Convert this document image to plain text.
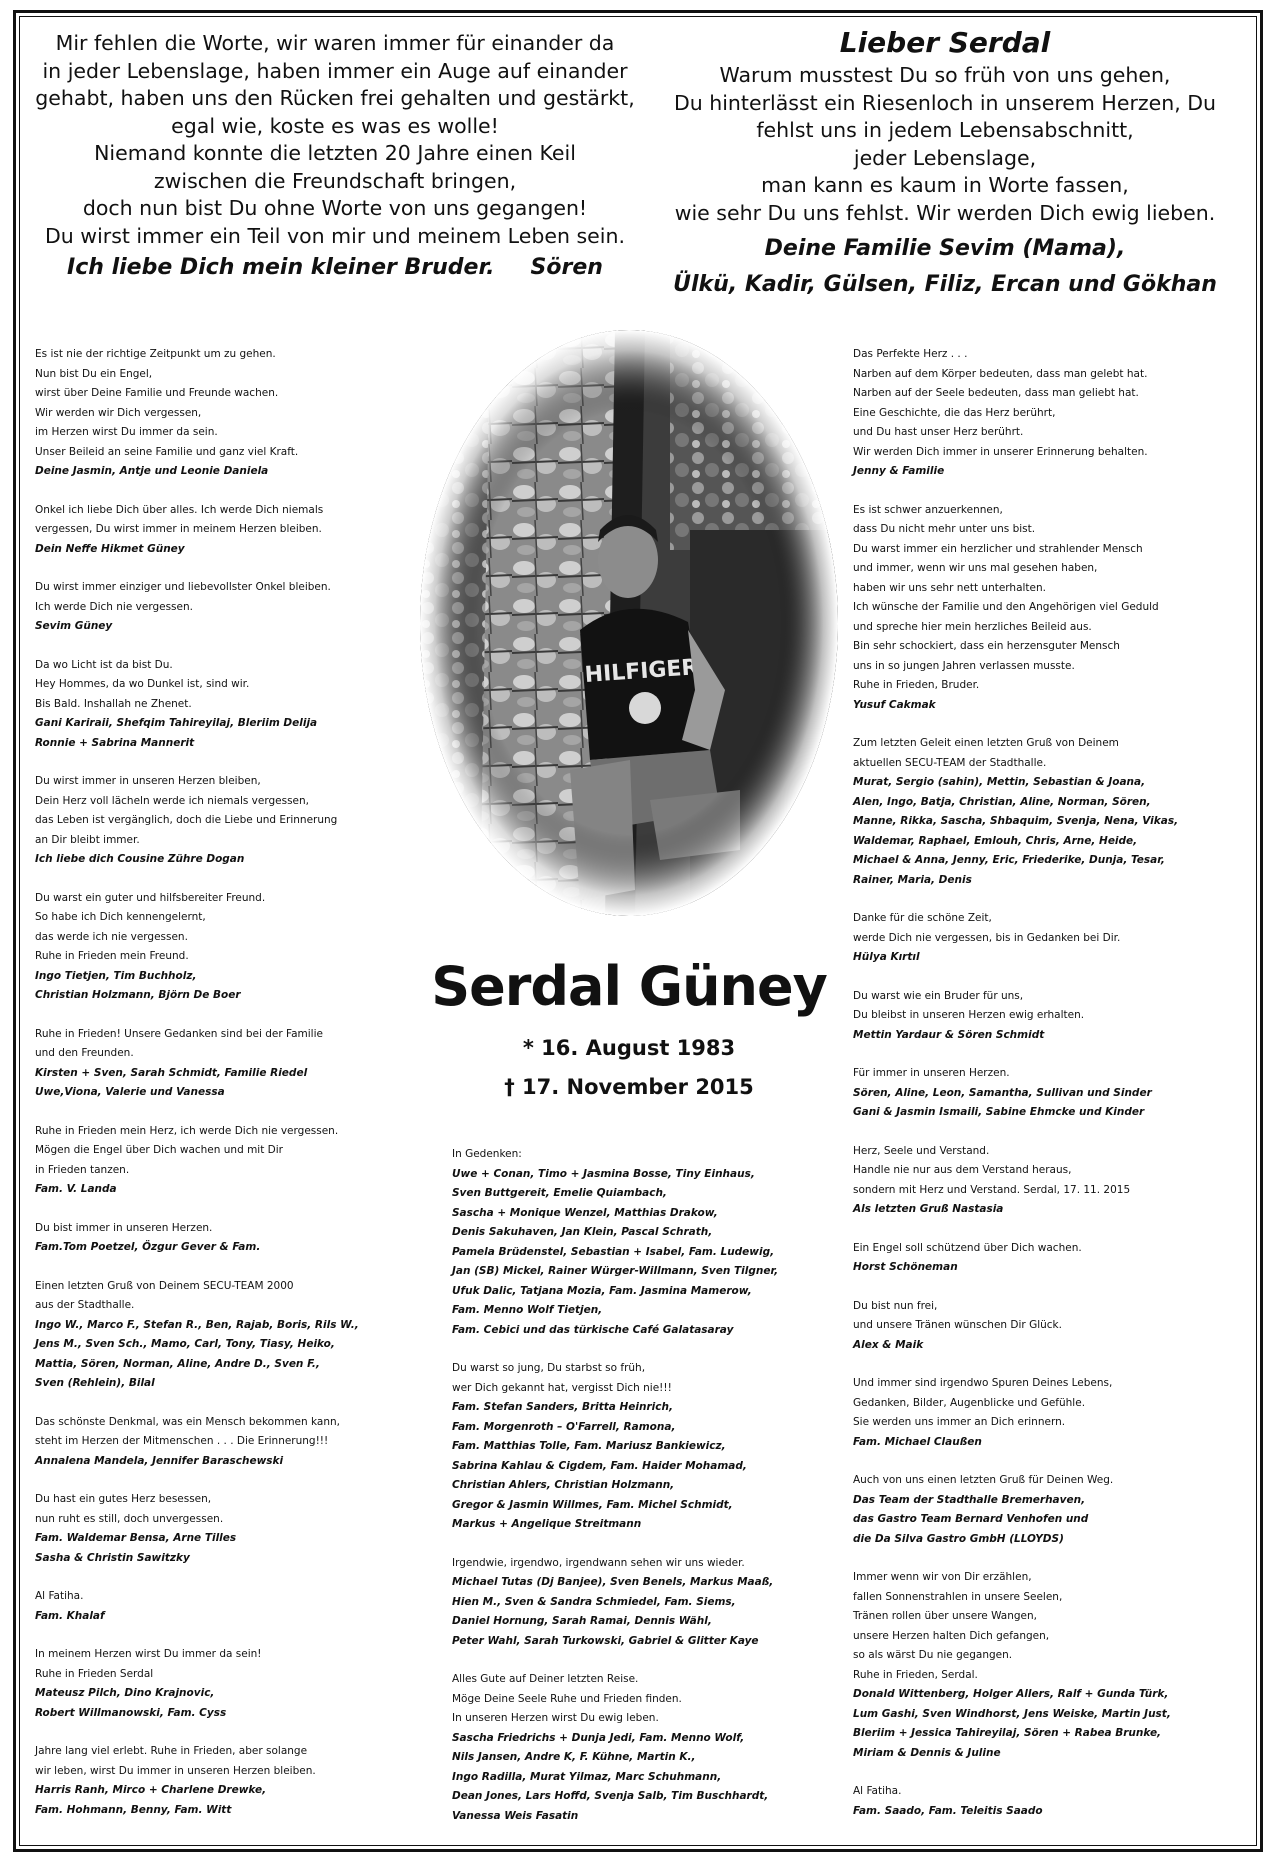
Mir fehlen die Worte, wir waren immer für einander da
in jeder Lebenslage, haben immer ein Auge auf einander
gehabt, haben uns den Rücken frei gehalten und gestärkt,
egal wie, koste es was es wolle!
Niemand konnte die letzten 20 Jahre einen Keil
zwischen die Freundschaft bringen,
doch nun bist Du ohne Worte von uns gegangen!
Du wirst immer ein Teil von mir und meinem Leben sein.
Ich liebe Dich mein kleiner Bruder. Sören
Lieber Serdal
Warum musstest Du so früh von uns gehen,
Du hinterlässt ein Riesenloch in unserem Herzen, Du
fehlst uns in jedem Lebensabschnitt,
jeder Lebenslage,
man kann es kaum in Worte fassen,
wie sehr Du uns fehlst. Wir werden Dich ewig lieben.
Deine Familie Sevim (Mama),
Ülkü, Kadir, Gülsen, Filiz, Ercan und Gökhan
Serdal Güney
* 16. August 1983
† 17. November 2015

Es ist nie der richtige Zeitpunkt um zu gehen.
Nun bist Du ein Engel,
wirst über Deine Familie und Freunde wachen.
Wir werden wir Dich vergessen,
im Herzen wirst Du immer da sein.
Unser Beileid an seine Familie und ganz viel Kraft.
Deine Jasmin, Antje und Leonie Daniela

Onkel ich liebe Dich über alles. Ich werde Dich niemals
vergessen, Du wirst immer in meinem Herzen bleiben.
Dein Neffe Hikmet Güney

Du wirst immer einziger und liebevollster Onkel bleiben.
Ich werde Dich nie vergessen.
Sevim Güney

Da wo Licht ist da bist Du.
Hey Hommes, da wo Dunkel ist, sind wir.
Bis Bald. Inshallah ne Zhenet.
Gani Kariraii, Shefqim Tahireyilaj, Bleriim Delija
Ronnie + Sabrina Mannerit

Du wirst immer in unseren Herzen bleiben,
Dein Herz voll lächeln werde ich niemals vergessen,
das Leben ist vergänglich, doch die Liebe und Erinnerung
an Dir bleibt immer.
Ich liebe dich Cousine Zühre Dogan

Du warst ein guter und hilfsbereiter Freund.
So habe ich Dich kennengelernt,
das werde ich nie vergessen.
Ruhe in Frieden mein Freund.
Ingo Tietjen, Tim Buchholz,
Christian Holzmann, Björn De Boer

Ruhe in Frieden! Unsere Gedanken sind bei der Familie
und den Freunden.
Kirsten + Sven, Sarah Schmidt, Familie Riedel
Uwe,Viona, Valerie und Vanessa

Ruhe in Frieden mein Herz, ich werde Dich nie vergessen.
Mögen die Engel über Dich wachen und mit Dir
in Frieden tanzen.
Fam. V. Landa

Du bist immer in unseren Herzen.
Fam.Tom Poetzel, Özgur Gever & Fam.

Einen letzten Gruß von Deinem SECU-TEAM 2000
aus der Stadthalle.
Ingo W., Marco F., Stefan R., Ben, Rajab, Boris, Rils W.,
Jens M., Sven Sch., Mamo, Carl, Tony, Tiasy, Heiko,
Mattia, Sören, Norman, Aline, Andre D., Sven F.,
Sven (Rehlein), Bilal

Das schönste Denkmal, was ein Mensch bekommen kann,
steht im Herzen der Mitmenschen . . . Die Erinnerung!!!
Annalena Mandela, Jennifer Baraschewski

Du hast ein gutes Herz besessen,
nun ruht es still, doch unvergessen.
Fam. Waldemar Bensa, Arne Tilles
Sasha & Christin Sawitzky

Al Fatiha.
Fam. Khalaf

In meinem Herzen wirst Du immer da sein!
Ruhe in Frieden Serdal
Mateusz Pilch, Dino Krajnovic,
Robert Willmanowski, Fam. Cyss

Jahre lang viel erlebt. Ruhe in Frieden, aber solange
wir leben, wirst Du immer in unseren Herzen bleiben.
Harris Ranh, Mirco + Charlene Drewke,
Fam. Hohmann, Benny, Fam. Witt

In Gedenken:
Uwe + Conan, Timo + Jasmina Bosse, Tiny Einhaus,
Sven Buttgereit, Emelie Quiambach,
Sascha + Monique Wenzel, Matthias Drakow,
Denis Sakuhaven, Jan Klein, Pascal Schrath,
Pamela Brüdenstel, Sebastian + Isabel, Fam. Ludewig,
Jan (SB) Mickel, Rainer Würger-Willmann, Sven Tilgner,
Ufuk Dalic, Tatjana Mozia, Fam. Jasmina Mamerow,
Fam. Menno Wolf Tietjen,
Fam. Cebici und das türkische Café Galatasaray

Du warst so jung, Du starbst so früh,
wer Dich gekannt hat, vergisst Dich nie!!!
Fam. Stefan Sanders, Britta Heinrich,
Fam. Morgenroth – O'Farrell, Ramona,
Fam. Matthias Tolle, Fam. Mariusz Bankiewicz,
Sabrina Kahlau & Cigdem, Fam. Haider Mohamad,
Christian Ahlers, Christian Holzmann,
Gregor & Jasmin Willmes, Fam. Michel Schmidt,
Markus + Angelique Streitmann

Irgendwie, irgendwo, irgendwann sehen wir uns wieder.
Michael Tutas (Dj Banjee), Sven Benels, Markus Maaß,
Hien M., Sven & Sandra Schmiedel, Fam. Siems,
Daniel Hornung, Sarah Ramai, Dennis Wähl,
Peter Wahl, Sarah Turkowski, Gabriel & Glitter Kaye

Alles Gute auf Deiner letzten Reise.
Möge Deine Seele Ruhe und Frieden finden.
In unseren Herzen wirst Du ewig leben.
Sascha Friedrichs + Dunja Jedi, Fam. Menno Wolf,
Nils Jansen, Andre K, F. Kühne, Martin K.,
Ingo Radilla, Murat Yilmaz, Marc Schuhmann,
Dean Jones, Lars Hoffd, Svenja Salb, Tim Buschhardt,
Vanessa Weis Fasatin

Das Perfekte Herz . . .
Narben auf dem Körper bedeuten, dass man gelebt hat.
Narben auf der Seele bedeuten, dass man geliebt hat.
Eine Geschichte, die das Herz berührt,
und Du hast unser Herz berührt.
Wir werden Dich immer in unserer Erinnerung behalten.
Jenny & Familie

Es ist schwer anzuerkennen,
dass Du nicht mehr unter uns bist.
Du warst immer ein herzlicher und strahlender Mensch
und immer, wenn wir uns mal gesehen haben,
haben wir uns sehr nett unterhalten.
Ich wünsche der Familie und den Angehörigen viel Geduld
und spreche hier mein herzliches Beileid aus.
Bin sehr schockiert, dass ein herzensguter Mensch
uns in so jungen Jahren verlassen musste.
Ruhe in Frieden, Bruder.
Yusuf Cakmak

Zum letzten Geleit einen letzten Gruß von Deinem
aktuellen SECU-TEAM der Stadthalle.
Murat, Sergio (sahin), Mettin, Sebastian & Joana,
Alen, Ingo, Batja, Christian, Aline, Norman, Sören,
Manne, Rikka, Sascha, Shbaquim, Svenja, Nena, Vikas,
Waldemar, Raphael, Emlouh, Chris, Arne, Heide,
Michael & Anna, Jenny, Eric, Friederike, Dunja, Tesar,
Rainer, Maria, Denis

Danke für die schöne Zeit,
werde Dich nie vergessen, bis in Gedanken bei Dir.
Hülya Kırtıl

Du warst wie ein Bruder für uns,
Du bleibst in unseren Herzen ewig erhalten.
Mettin Yardaur & Sören Schmidt

Für immer in unseren Herzen.
Sören, Aline, Leon, Samantha, Sullivan und Sinder
Gani & Jasmin Ismaili, Sabine Ehmcke und Kinder

Herz, Seele und Verstand.
Handle nie nur aus dem Verstand heraus,
sondern mit Herz und Verstand. Serdal, 17. 11. 2015
Als letzten Gruß Nastasia

Ein Engel soll schützend über Dich wachen.
Horst Schöneman

Du bist nun frei,
und unsere Tränen wünschen Dir Glück.
Alex & Maik

Und immer sind irgendwo Spuren Deines Lebens,
Gedanken, Bilder, Augenblicke und Gefühle.
Sie werden uns immer an Dich erinnern.
Fam. Michael Claußen

Auch von uns einen letzten Gruß für Deinen Weg.
Das Team der Stadthalle Bremerhaven,
das Gastro Team Bernard Venhofen und
die Da Silva Gastro GmbH (LLOYDS)

Immer wenn wir von Dir erzählen,
fallen Sonnenstrahlen in unsere Seelen,
Tränen rollen über unsere Wangen,
unsere Herzen halten Dich gefangen,
so als wärst Du nie gegangen.
Ruhe in Frieden, Serdal.
Donald Wittenberg, Holger Allers, Ralf + Gunda Türk,
Lum Gashi, Sven Windhorst, Jens Weiske, Martin Just,
Bleriim + Jessica Tahireyilaj, Sören + Rabea Brunke,
Miriam & Dennis & Juline

Al Fatiha.
Fam. Saado, Fam. Teleitis Saado
